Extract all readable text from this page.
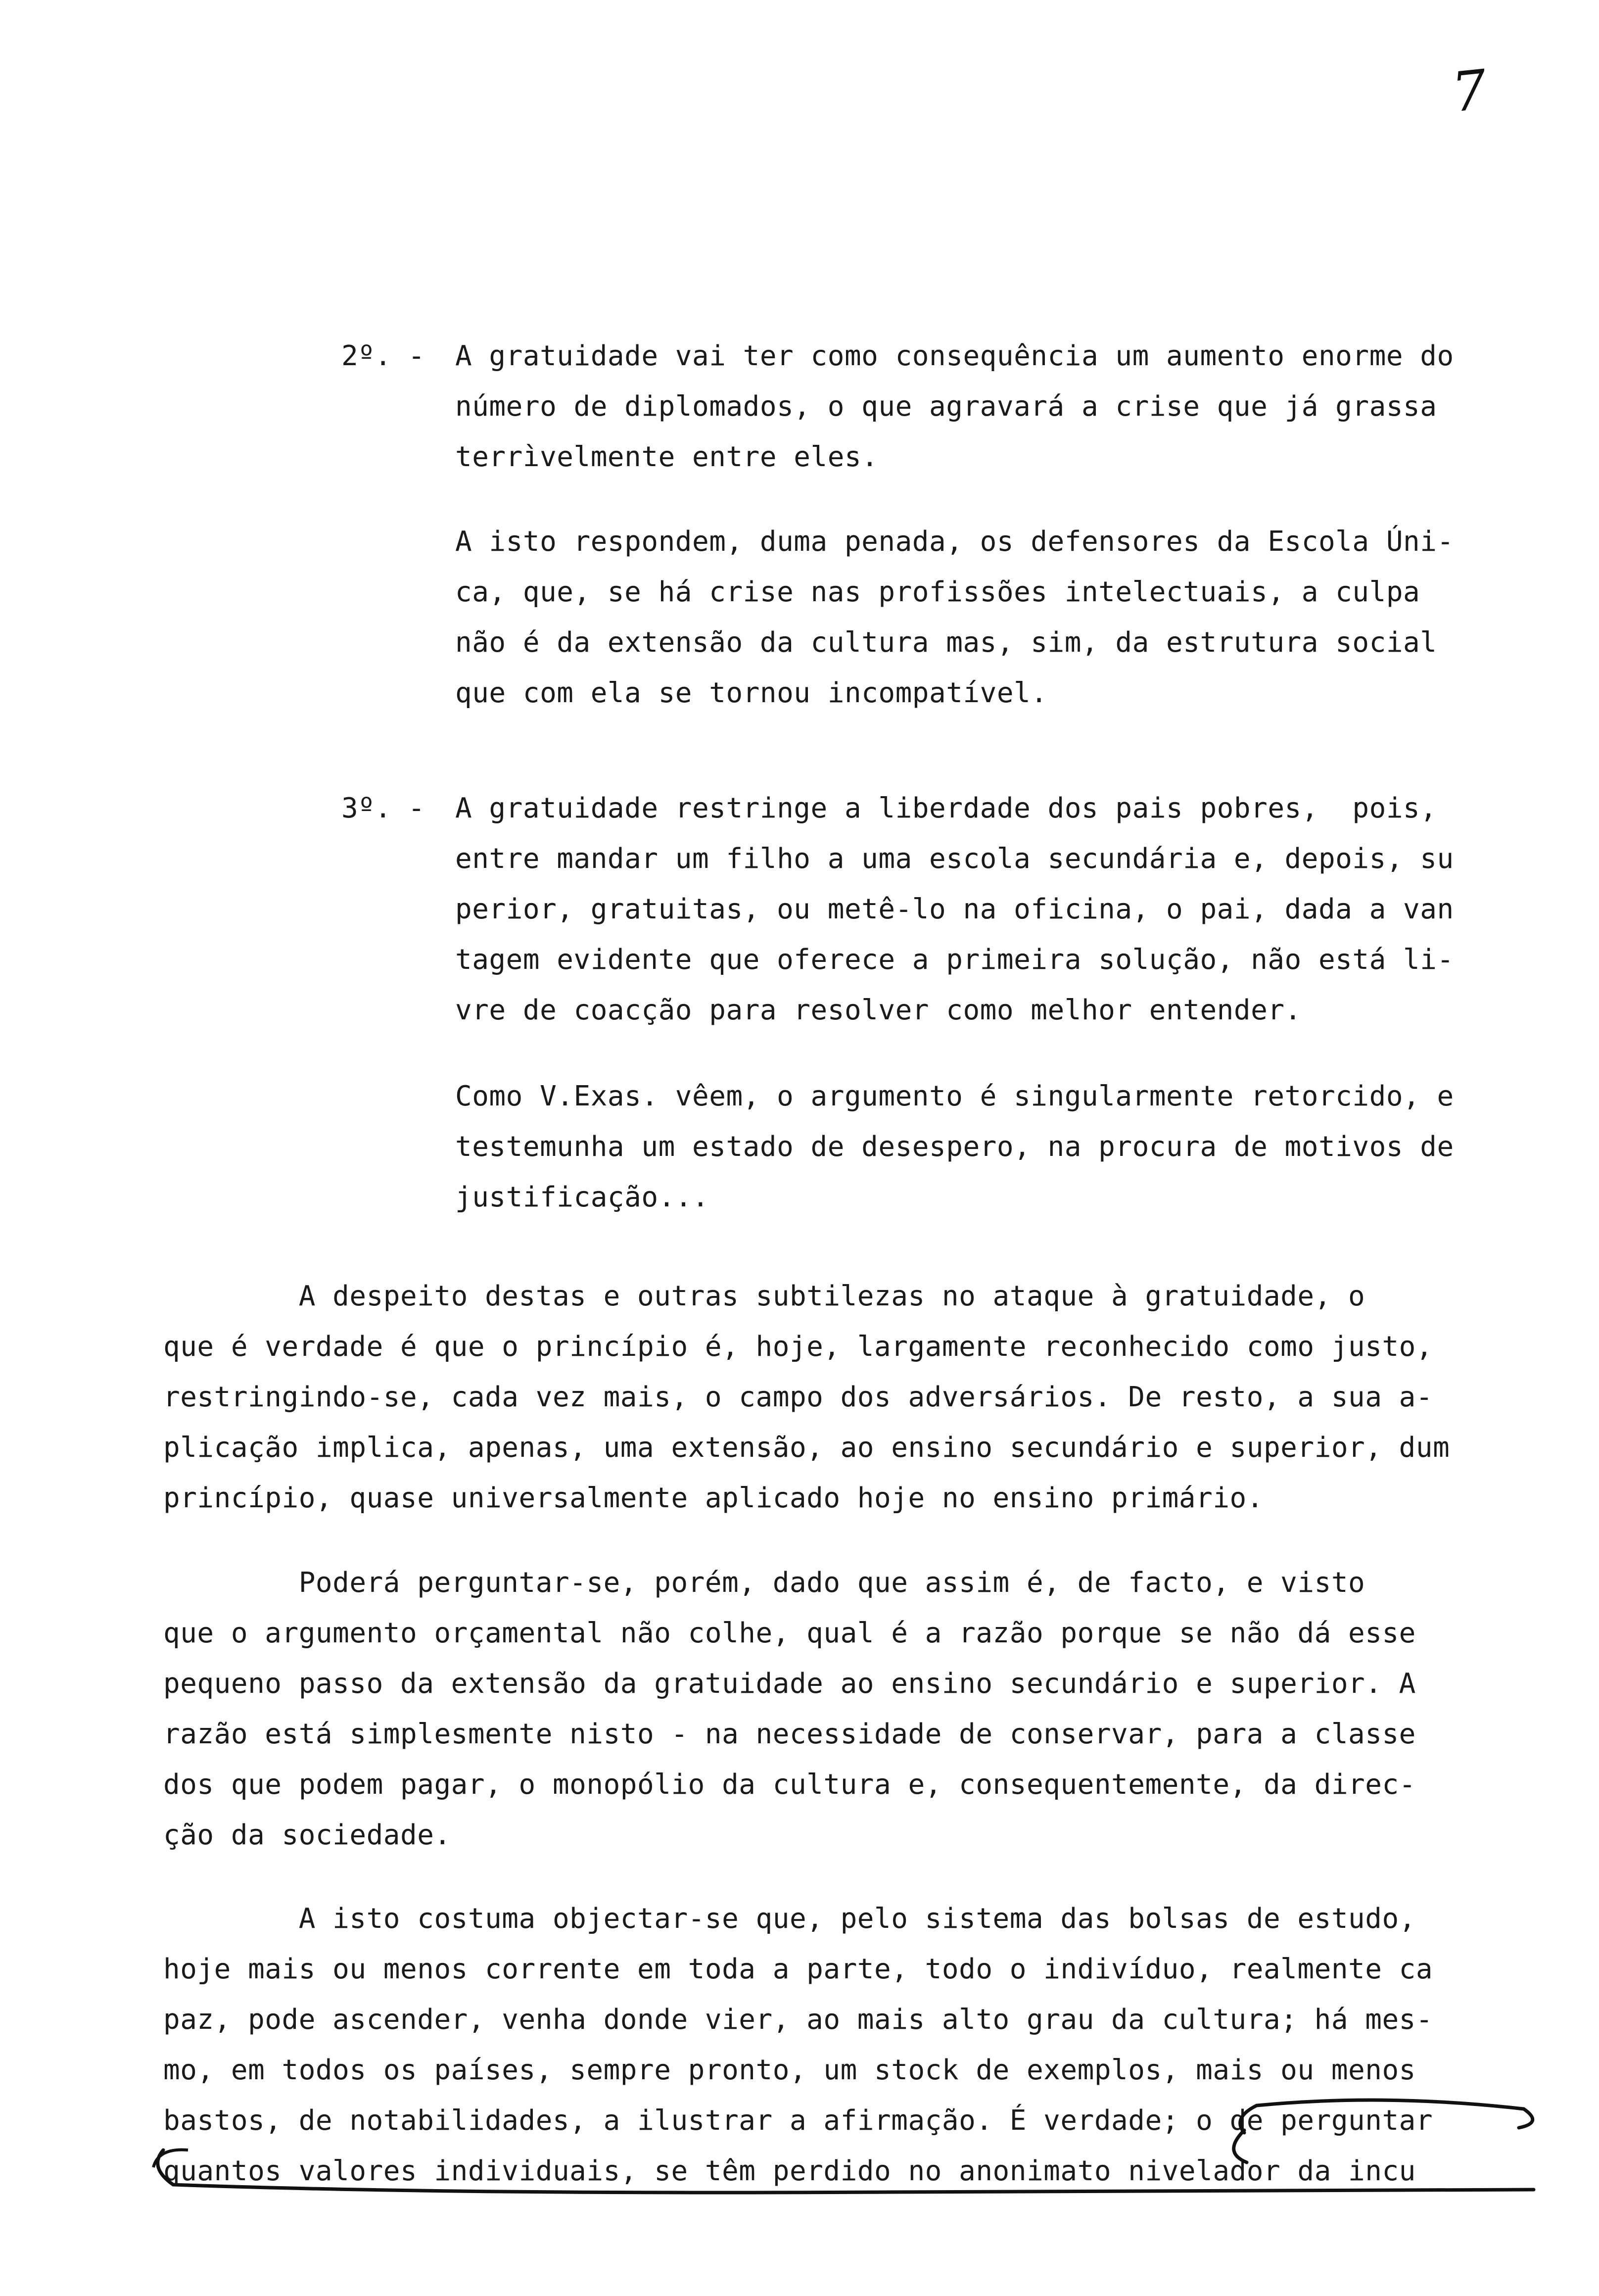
7
2º. - A gratuidade vai ter como consequência um aumento enorme do
número de diplomados, o que agravará a crise que já grassa
terrìvelmente entre eles.
A isto respondem, duma penada, os defensores da Escola Úni-
ca, que, se há crise nas profissões intelectuais, a culpa
não é da extensão da cultura mas, sim, da estrutura social
que com ela se tornou incompatível.
3º. - A gratuidade restringe a liberdade dos pais pobres,  pois,
entre mandar um filho a uma escola secundária e, depois, su
perior, gratuitas, ou metê-lo na oficina, o pai, dada a van
tagem evidente que oferece a primeira solução, não está li-
vre de coacção para resolver como melhor entender.
Como V.Exas. vêem, o argumento é singularmente retorcido, e
testemunha um estado de desespero, na procura de motivos de
justificação...
A despeito destas e outras subtilezas no ataque à gratuidade, o
que é verdade é que o princípio é, hoje, largamente reconhecido como justo,
restringindo-se, cada vez mais, o campo dos adversários. De resto, a sua a-
plicação implica, apenas, uma extensão, ao ensino secundário e superior, dum
princípio, quase universalmente aplicado hoje no ensino primário.
Poderá perguntar-se, porém, dado que assim é, de facto, e visto
que o argumento orçamental não colhe, qual é a razão porque se não dá esse
pequeno passo da extensão da gratuidade ao ensino secundário e superior. A
razão está simplesmente nisto - na necessidade de conservar, para a classe
dos que podem pagar, o monopólio da cultura e, consequentemente, da direc-
ção da sociedade.
A isto costuma objectar-se que, pelo sistema das bolsas de estudo,
hoje mais ou menos corrente em toda a parte, todo o indivíduo, realmente ca
paz, pode ascender, venha donde vier, ao mais alto grau da cultura; há mes-
mo, em todos os países, sempre pronto, um stock de exemplos, mais ou menos
bastos, de notabilidades, a ilustrar a afirmação. É verdade; o de perguntar
quantos valores individuais, se têm perdido no anonimato nivelador da incu
